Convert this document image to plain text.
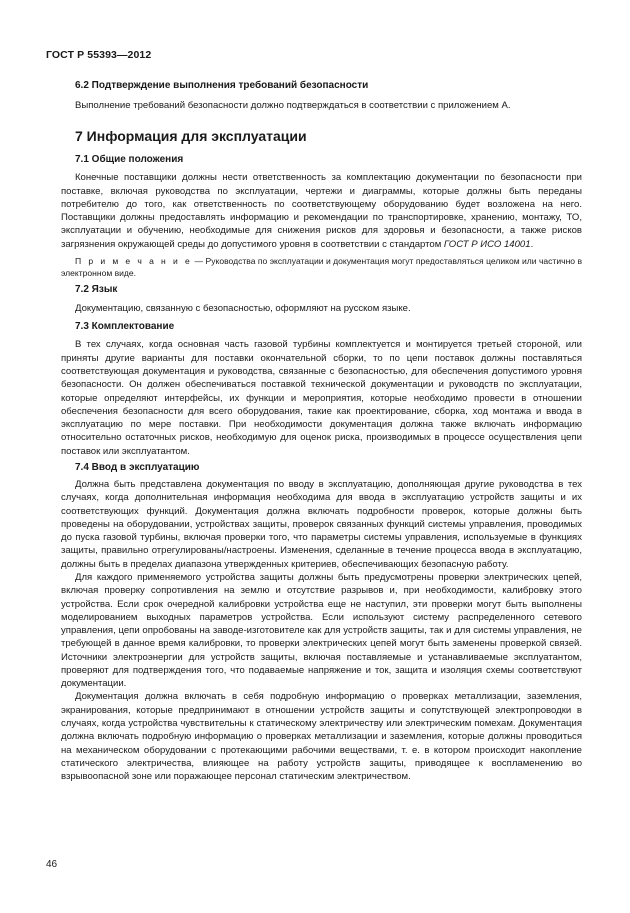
ГОСТ Р 55393—2012

6.2 Подтверждение выполнения требований безопасности

Выполнение требований безопасности должно подтверждаться в соответствии с приложением А.

7 Информация для эксплуатации

7.1 Общие положения

Конечные поставщики должны нести ответственность за комплектацию документации по безопасности при поставке, включая руководства по эксплуатации, чертежи и диаграммы, которые должны быть переданы потребителю до того, как ответственность по соответствующему оборудованию будет возложена на него. Поставщики должны предоставлять информацию и рекомендации по транспортировке, хранению, монтажу, ТО, эксплуатации и обучению, необходимые для снижения рисков для здоровья и безопасности, а также рисков загрязнения окружающей среды до допустимого уровня в соответствии с стандартом ГОСТ Р ИСО 14001.

П р и м е ч а н и е — Руководства по эксплуатации и документация могут предоставляться целиком или частично в электронном виде.

7.2 Язык

Документацию, связанную с безопасностью, оформляют на русском языке.

7.3 Комплектование

В тех случаях, когда основная часть газовой турбины комплектуется и монтируется третьей стороной, или приняты другие варианты для поставки окончательной сборки, то по цепи поставок должны поставляться соответствующая документация и руководства, связанные с безопасностью, для обеспечения допустимого уровня безопасности. Он должен обеспечиваться поставкой технической документации и руководств по эксплуатации, которые определяют интерфейсы, их функции и мероприятия, которые необходимо провести в отношении обеспечения безопасности для всего оборудования, такие как проектирование, сборка, ход монтажа и ввода в эксплуатацию по мере поставки. При необходимости документация должна также включать информацию относительно остаточных рисков, необходимую для оценок риска, производимых в процессе осуществления цепи поставок или эксплуатантом.

7.4 Ввод в эксплуатацию

Должна быть представлена документация по вводу в эксплуатацию, дополняющая другие руководства в тех случаях, когда дополнительная информация необходима для ввода в эксплуатацию устройств защиты и их соответствующих функций. Документация должна включать подробности проверок, которые должны быть проведены на оборудовании, устройствах защиты, проверок связанных функций системы управления, проводимых до пуска газовой турбины, включая проверки того, что параметры системы управления, используемые в функциях защиты, правильно отрегулированы/настроены. Изменения, сделанные в течение процесса ввода в эксплуатацию, должны быть в пределах диапазона утвержденных критериев, обеспечивающих безопасную работу.

Для каждого применяемого устройства защиты должны быть предусмотрены проверки электрических цепей, включая проверку сопротивления на землю и отсутствие разрывов и, при необходимости, калибровку этого устройства. Если срок очередной калибровки устройства еще не наступил, эти проверки могут быть выполнены моделированием выходных параметров устройства. Если используют систему распределенного сетевого управления, цепи опробованы на заводе-изготовителе как для устройств защиты, так и для системы управления, не требующей в данное время калибровки, то проверки электрических цепей могут быть заменены проверкой связей. Источники электроэнергии для устройств защиты, включая поставляемые и устанавливаемые эксплуатантом, проверяют для подтверждения того, что подаваемые напряжение и ток, защита и изоляция схемы соответствуют документации.

Документация должна включать в себя подробную информацию о проверках металлизации, заземления, экранирования, которые предпринимают в отношении устройств защиты и сопутствующей электропроводки в случаях, когда устройства чувствительны к статическому электричеству или электрическим помехам. Документация должна включать подробную информацию о проверках металлизации и заземления, которые должны проводиться на механическом оборудовании с протекающими рабочими веществами, т. е. в котором происходит накопление статического электричества, влияющее на работу устройств защиты, приводящее к воспламенению во взрывоопасной зоне или поражающее персонал статическим электричеством.

46
